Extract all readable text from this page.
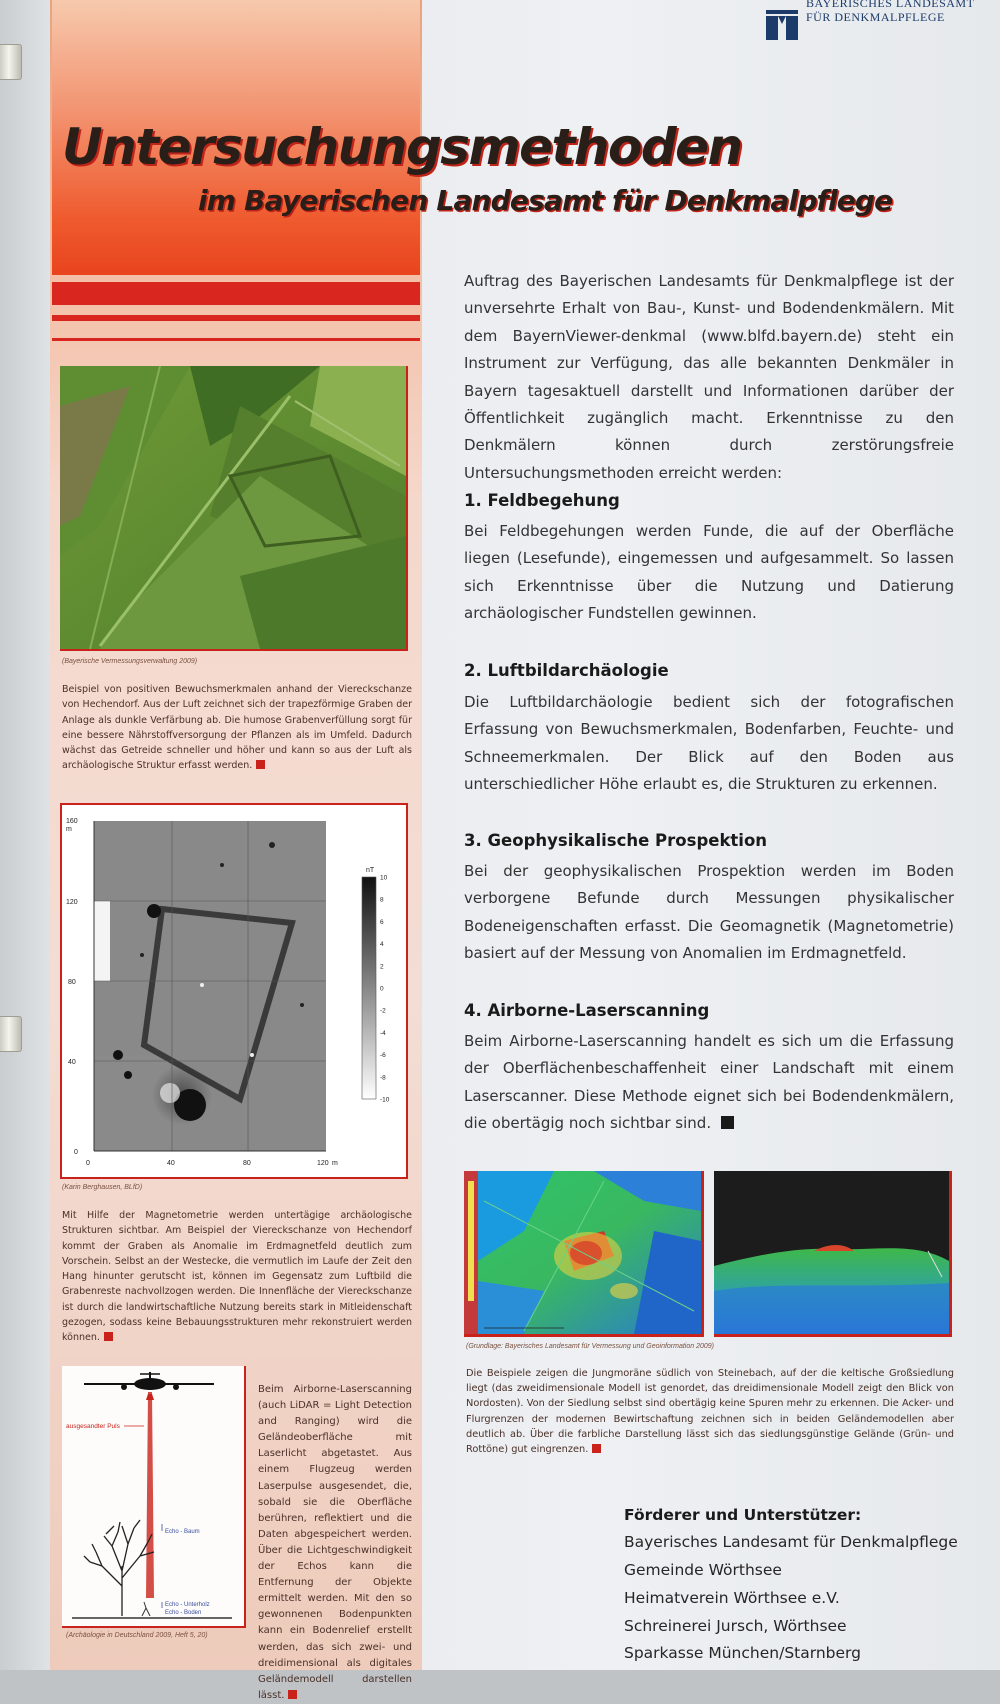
BAYERISCHES LANDESAMT
FÜR DENKMALPFLEGE
Untersuchungsmethoden
im Bayerischen Landesamt für Denkmalpflege
(Bayerische Vermessungsverwaltung 2009)
Beispiel von positiven Bewuchsmerkmalen anhand der Viereckschanze von Hechendorf. Aus der Luft zeichnet sich der trapezförmige Graben der Anlage als dunkle Verfärbung ab. Die humose Grabenverfüllung sorgt für eine bessere Nährstoffversorgung der Pflanzen als im Umfeld. Dadurch wächst das Getreide schneller und höher und kann so aus der Luft als archäologische Struktur erfasst werden.
160
m
120
80
40
0
0	40	80	120 m
nT
10
8
6
4
2
0
-2
-4
-6
-8
-10
(Karin Berghausen, BLfD)
Mit Hilfe der Magnetometrie werden untertägige archäologische Strukturen sichtbar. Am Beispiel der Viereckschanze von Hechendorf kommt der Graben als Anomalie im Erdmagnetfeld deutlich zum Vorschein. Selbst an der Westecke, die vermutlich im Laufe der Zeit den Hang hinunter gerutscht ist, können im Gegensatz zum Luftbild die Grabenreste nachvollzogen werden. Die Innenfläche der Viereckschanze ist durch die landwirtschaftliche Nutzung bereits stark in Mitleidenschaft gezogen, sodass keine Bebauungsstrukturen mehr rekonstruiert werden können.
ausgesandter Puls
Echo - Baum
Echo - Unterholz
Echo - Boden
Beim Airborne-Laserscanning (auch LiDAR = Light Detection and Ranging) wird die Geländeoberfläche mit Laserlicht abgetastet. Aus einem Flugzeug werden Laserpulse ausgesendet, die, sobald sie die Oberfläche berühren, reflektiert und die Daten abgespeichert werden. Über die Lichtgeschwindigkeit der Echos kann die Entfernung der Objekte ermittelt werden. Mit den so gewonnenen Bodenpunkten kann ein Bodenrelief erstellt werden, das sich zwei- und dreidimensional als digitales Geländemodell darstellen lässt.
(Archäologie in Deutschland 2009, Heft 5, 20)
Auftrag des Bayerischen Landesamts für Denkmalpflege ist der unversehrte Erhalt von Bau-, Kunst- und Bodendenkmälern. Mit dem BayernViewer-denkmal (www.blfd.bayern.de) steht ein Instrument zur Verfügung, das alle bekannten Denkmäler in Bayern tagesaktuell darstellt und Informationen darüber der Öffentlichkeit zugänglich macht. Erkenntnisse zu den Denkmälern können durch zerstörungsfreie Untersuchungsmethoden erreicht werden:
1. Feldbegehung
Bei Feldbegehungen werden Funde, die auf der Oberfläche liegen (Lesefunde), eingemessen und aufgesammelt. So lassen sich Erkenntnisse über die Nutzung und Datierung archäologischer Fundstellen gewinnen.
2. Luftbildarchäologie
Die Luftbildarchäologie bedient sich der fotografischen Erfassung von Bewuchsmerkmalen, Bodenfarben, Feuchte- und Schneemerkmalen. Der Blick auf den Boden aus unterschiedlicher Höhe erlaubt es, die Strukturen zu erkennen.
3. Geophysikalische Prospektion
Bei der geophysikalischen Prospektion werden im Boden verborgene Befunde durch Messungen physikalischer Bodeneigenschaften erfasst. Die Geomagnetik (Magnetometrie) basiert auf der Messung von Anomalien im Erdmagnetfeld.
4. Airborne-Laserscanning
Beim Airborne-Laserscanning handelt es sich um die Erfassung der Oberflächenbeschaffenheit einer Landschaft mit einem Laserscanner. Diese Methode eignet sich bei Bodendenkmälern, die obertägig noch sichtbar sind.
(Grundlage: Bayerisches Landesamt für Vermessung und Geoinformation 2009)
Die Beispiele zeigen die Jungmoräne südlich von Steinebach, auf der die keltische Großsiedlung liegt (das zweidimensionale Modell ist genordet, das dreidimensionale Modell zeigt den Blick von Nordosten). Von der Siedlung selbst sind obertägig keine Spuren mehr zu erkennen. Die Acker- und Flurgrenzen der modernen Bewirtschaftung zeichnen sich in beiden Geländemodellen aber deutlich ab. Über die farbliche Darstellung lässt sich das siedlungsgünstige Gelände (Grün- und Rottöne) gut eingrenzen.
Förderer und Unterstützer:
Bayerisches Landesamt für Denkmalpflege
Gemeinde Wörthsee
Heimatverein Wörthsee e.V.
Schreinerei Jursch, Wörthsee
Sparkasse München/Starnberg
